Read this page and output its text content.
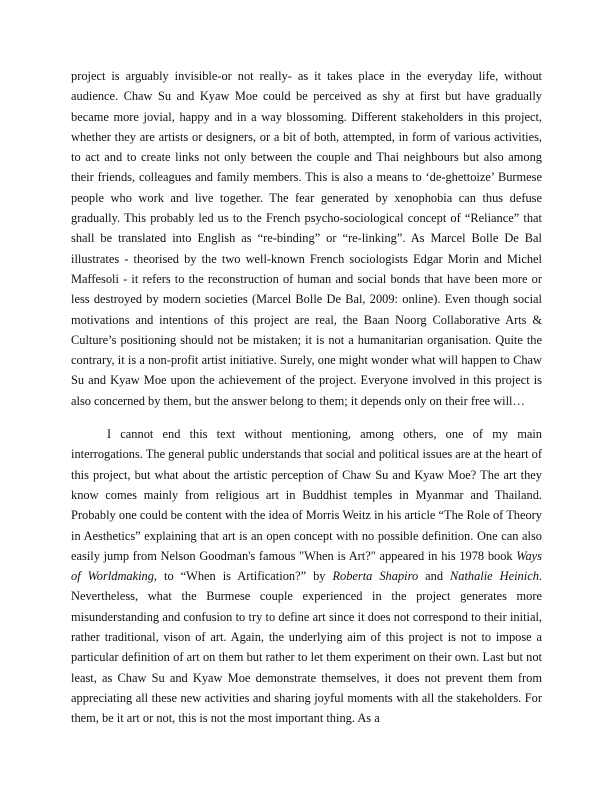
project is arguably invisible-or not really- as it takes place in the everyday life, without audience. Chaw Su and Kyaw Moe could be perceived as shy at first but have gradually became more jovial, happy and in a way blossoming. Different stakeholders in this project, whether they are artists or designers, or a bit of both, attempted, in form of various activities, to act and to create links not only between the couple and Thai neighbours but also among their friends, colleagues and family members. This is also a means to ‘de-ghettoize’ Burmese people who work and live together. The fear generated by xenophobia can thus defuse gradually. This probably led us to the French psycho-sociological concept of “Reliance” that shall be translated into English as “re-binding” or “re-linking”. As Marcel Bolle De Bal illustrates - theorised by the two well-known French sociologists Edgar Morin and Michel Maffesoli - it refers to the reconstruction of human and social bonds that have been more or less destroyed by modern societies (Marcel Bolle De Bal, 2009: online). Even though social motivations and intentions of this project are real, the Baan Noorg Collaborative Arts & Culture’s positioning should not be mistaken; it is not a humanitarian organisation. Quite the contrary, it is a non-profit artist initiative. Surely, one might wonder what will happen to Chaw Su and Kyaw Moe upon the achievement of the project. Everyone involved in this project is also concerned by them, but the answer belong to them; it depends only on their free will…

I cannot end this text without mentioning, among others, one of my main interrogations. The general public understands that social and political issues are at the heart of this project, but what about the artistic perception of Chaw Su and Kyaw Moe? The art they know comes mainly from religious art in Buddhist temples in Myanmar and Thailand. Probably one could be content with the idea of Morris Weitz in his article “The Role of Theory in Aesthetics” explaining that art is an open concept with no possible definition. One can also easily jump from Nelson Goodman's famous "When is Art?" appeared in his 1978 book Ways of Worldmaking, to “When is Artification?” by Roberta Shapiro and Nathalie Heinich. Nevertheless, what the Burmese couple experienced in the project generates more misunderstanding and confusion to try to define art since it does not correspond to their initial, rather traditional, vison of art. Again, the underlying aim of this project is not to impose a particular definition of art on them but rather to let them experiment on their own. Last but not least, as Chaw Su and Kyaw Moe demonstrate themselves, it does not prevent them from appreciating all these new activities and sharing joyful moments with all the stakeholders. For them, be it art or not, this is not the most important thing. As a
